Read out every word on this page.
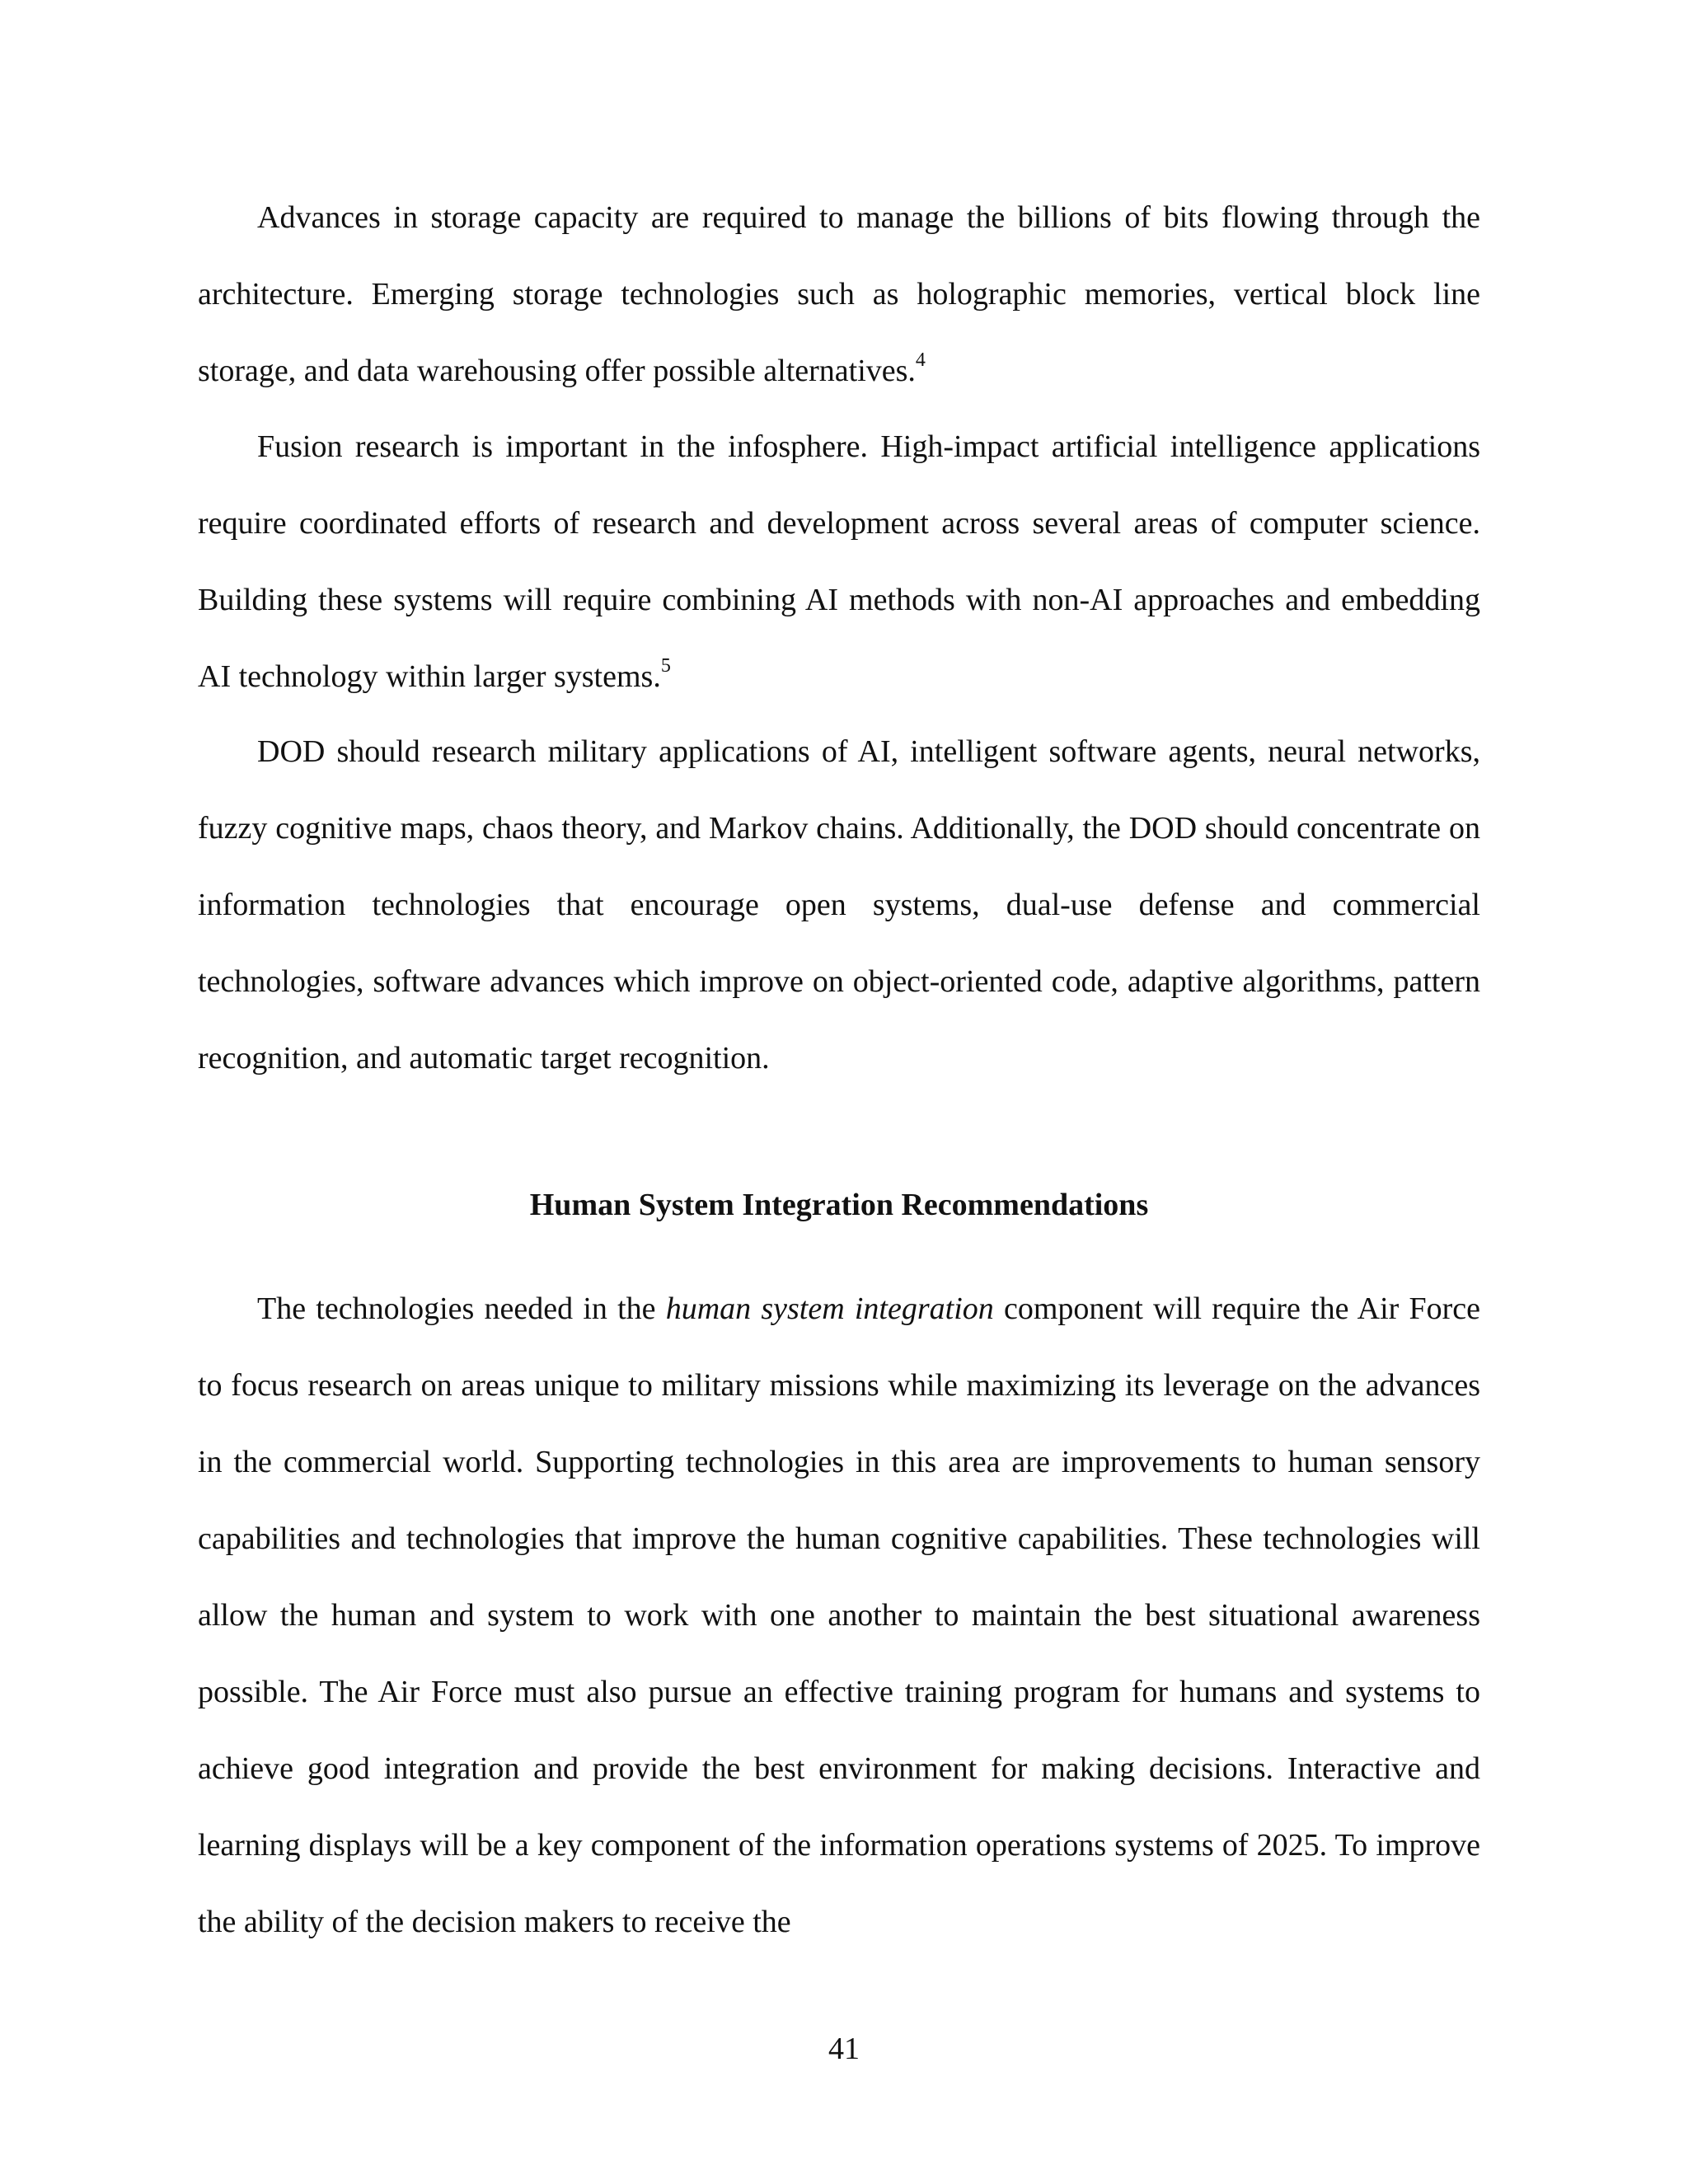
Advances in storage capacity are required to manage the billions of bits flowing through the architecture. Emerging storage technologies such as holographic memories, vertical block line storage, and data warehousing offer possible alternatives.$^4$

Fusion research is important in the infosphere. High-impact artificial intelligence applications require coordinated efforts of research and development across several areas of computer science. Building these systems will require combining AI methods with non-AI approaches and embedding AI technology within larger systems.$^5$

DOD should research military applications of AI, intelligent software agents, neural networks, fuzzy cognitive maps, chaos theory, and Markov chains. Additionally, the DOD should concentrate on information technologies that encourage open systems, dual-use defense and commercial technologies, software advances which improve on object-oriented code, adaptive algorithms, pattern recognition, and automatic target recognition.

Human System Integration Recommendations

The technologies needed in the human system integration component will require the Air Force to focus research on areas unique to military missions while maximizing its leverage on the advances in the commercial world. Supporting technologies in this area are improvements to human sensory capabilities and technologies that improve the human cognitive capabilities. These technologies will allow the human and system to work with one another to maintain the best situational awareness possible. The Air Force must also pursue an effective training program for humans and systems to achieve good integration and provide the best environment for making decisions. Interactive and learning displays will be a key component of the information operations systems of 2025. To improve the ability of the decision makers to receive the

41
